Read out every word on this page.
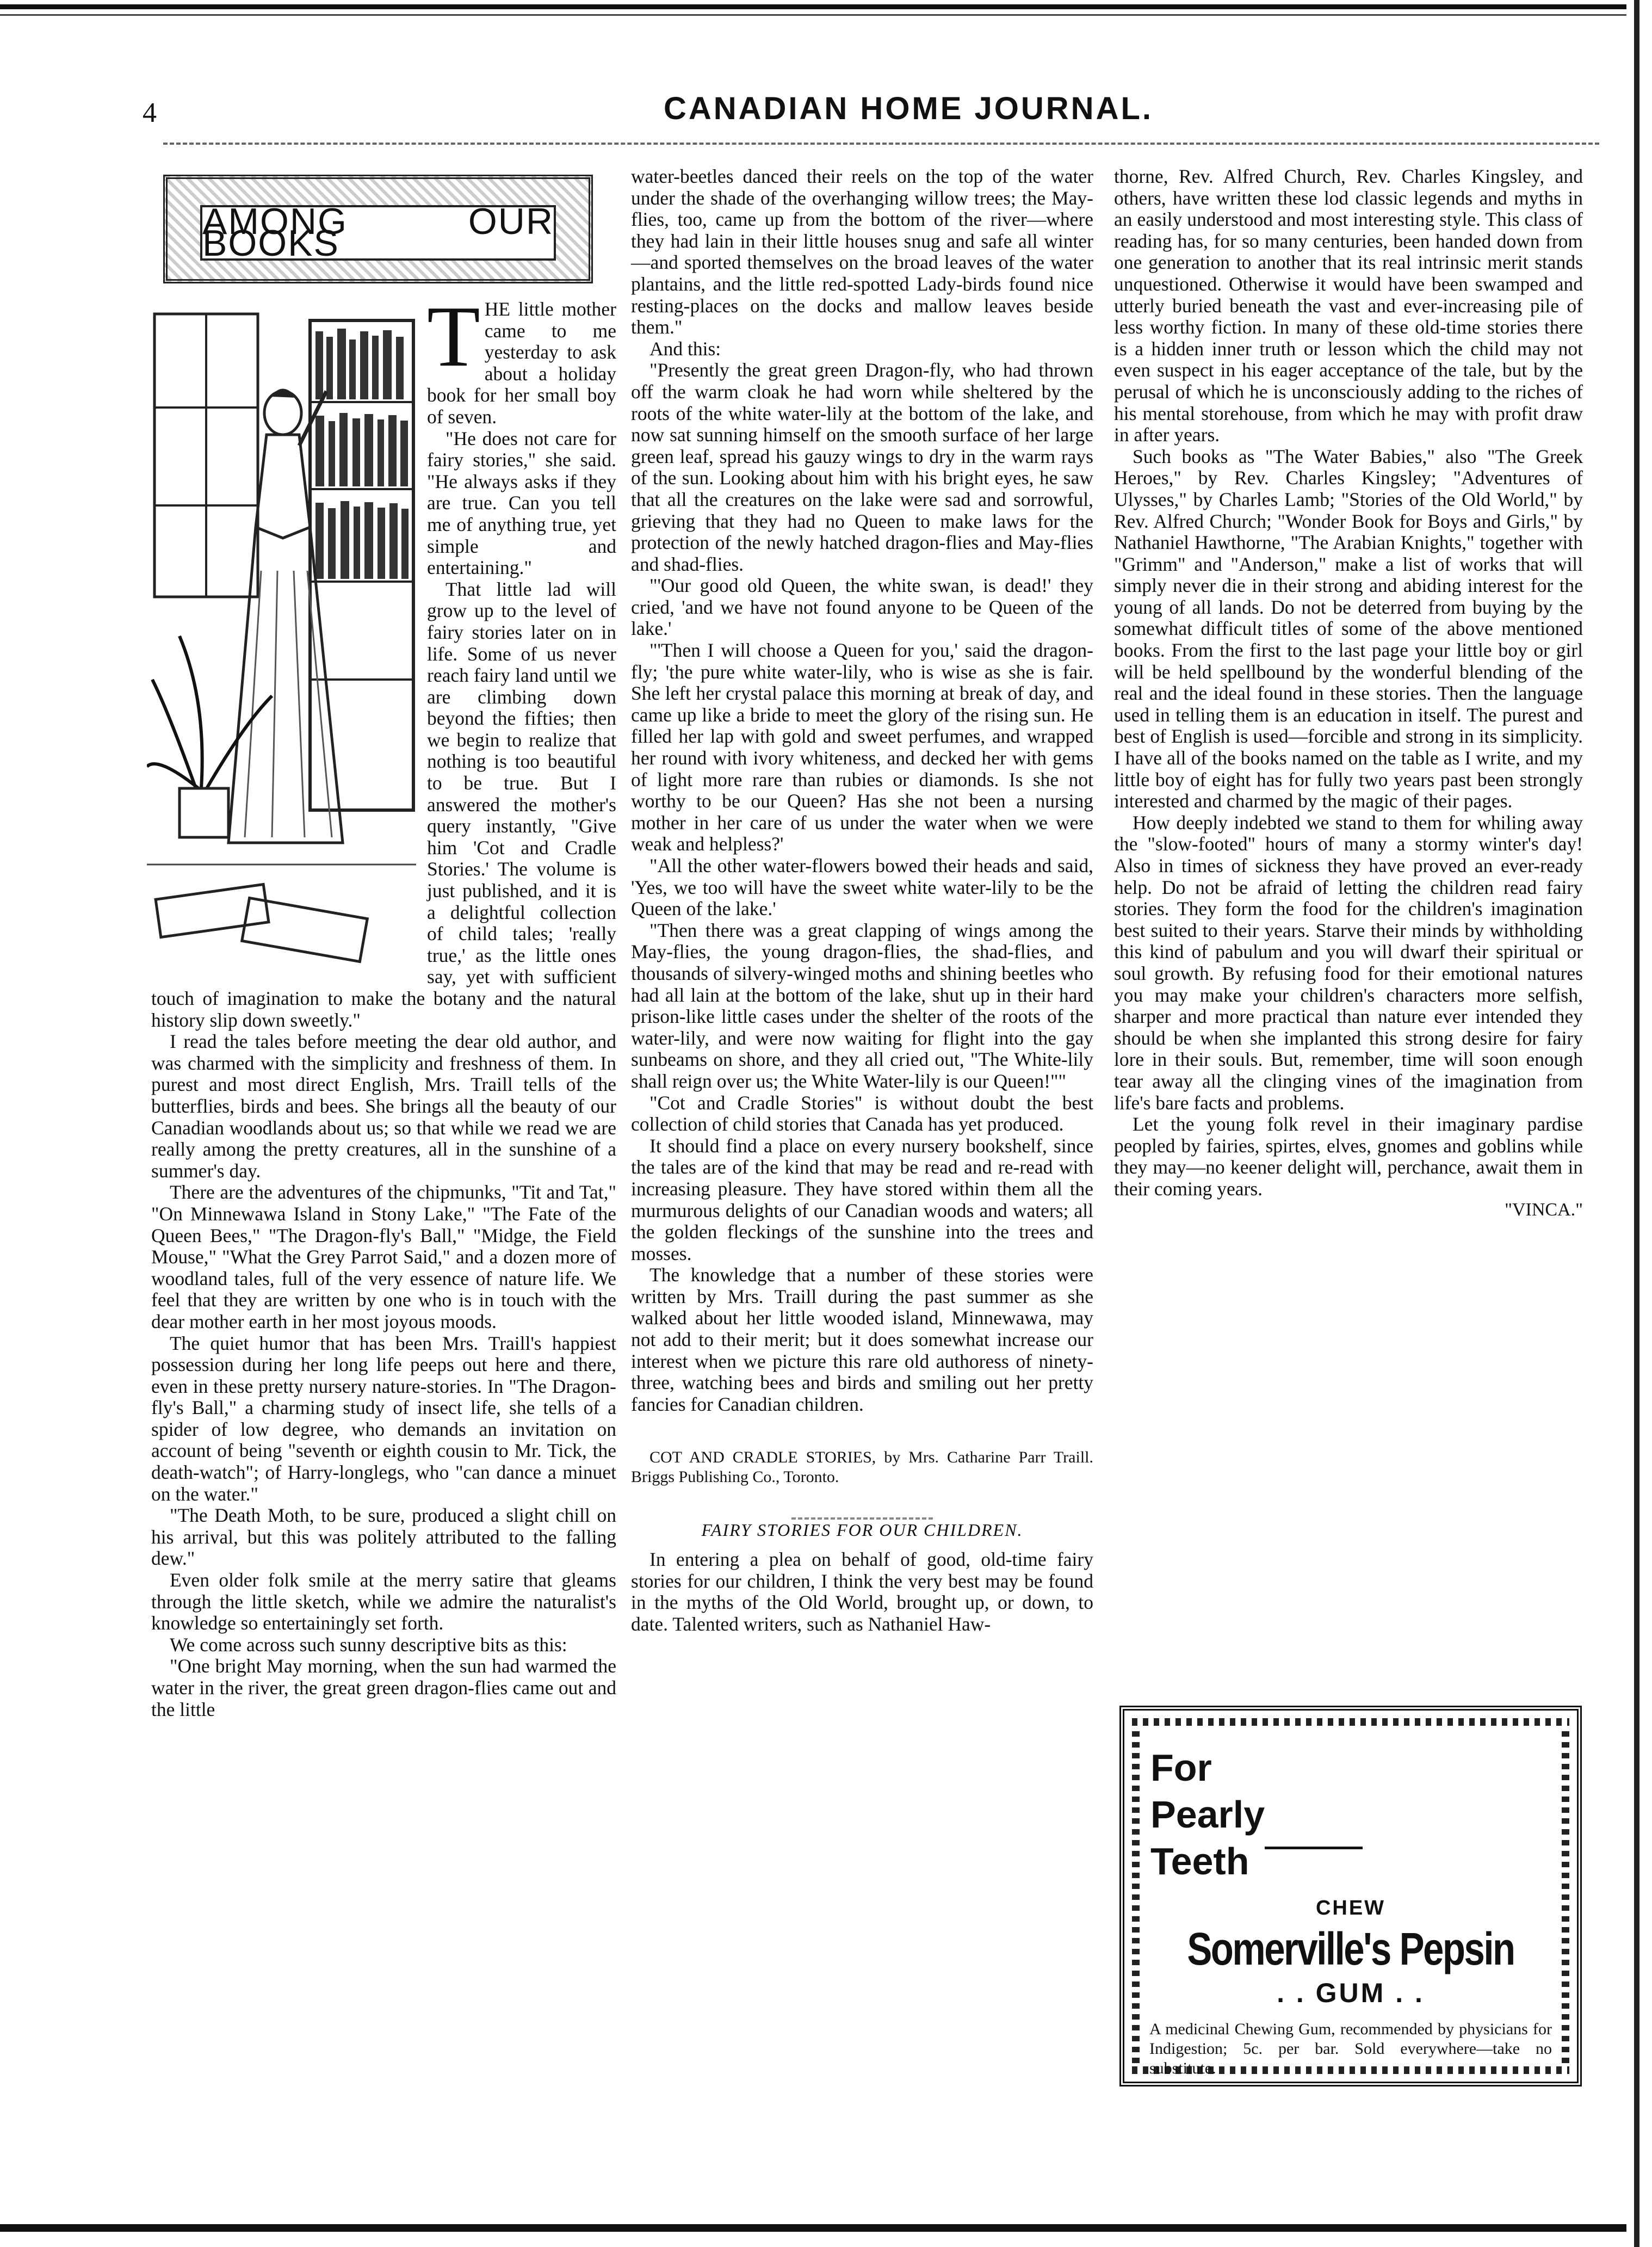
4	CANADIAN HOME JOURNAL.
AMONG OUR BOOKS
T HE little mother came to me yesterday to ask about a holiday book for her small boy of seven.

"He does not care for fairy stories," she said. "He always asks if they are true. Can you tell me of anything true, yet simple and entertaining."

That little lad will grow up to the level of fairy stories later on in life. Some of us never reach fairy land until we are climbing down beyond the fifties; then we begin to realize that nothing is too beautiful to be true. But I answered the mother's query instantly, "Give him 'Cot and Cradle Stories.' The volume is just published, and it is a delightful collection of child tales; 'really true,' as the little ones say, yet with sufficient touch of imagination to make the botany and the natural history slip down sweetly."

I read the tales before meeting the dear old author, and was charmed with the simplicity and freshness of them. In purest and most direct English, Mrs. Traill tells of the butterflies, birds and bees. She brings all the beauty of our Canadian woodlands about us; so that while we read we are really among the pretty creatures, all in the sunshine of a summer's day.

There are the adventures of the chipmunks, "Tit and Tat," "On Minnewawa Island in Stony Lake," "The Fate of the Queen Bees," "The Dragon-fly's Ball," "Midge, the Field Mouse," "What the Grey Parrot Said," and a dozen more of woodland tales, full of the very essence of nature life. We feel that they are written by one who is in touch with the dear mother earth in her most joyous moods.

The quiet humor that has been Mrs. Traill's happiest possession during her long life peeps out here and there, even in these pretty nursery nature-stories. In "The Dragon-fly's Ball," a charming study of insect life, she tells of a spider of low degree, who demands an invitation on account of being "seventh or eighth cousin to Mr. Tick, the death-watch"; of Harry-longlegs, who "can dance a minuet on the water."

"The Death Moth, to be sure, produced a slight chill on his arrival, but this was politely attributed to the falling dew."

Even older folk smile at the merry satire that gleams through the little sketch, while we admire the naturalist's knowledge so entertainingly set forth.

We come across such sunny descriptive bits as this:

"One bright May morning, when the sun had warmed the water in the river, the great green dragon-flies came out and the little

water-beetles danced their reels on the top of the water under the shade of the overhanging willow trees; the May-flies, too, came up from the bottom of the river—where they had lain in their little houses snug and safe all winter—and sported themselves on the broad leaves of the water plantains, and the little red-spotted Lady-birds found nice resting-places on the docks and mallow leaves beside them."

And this:

"Presently the great green Dragon-fly, who had thrown off the warm cloak he had worn while sheltered by the roots of the white water-lily at the bottom of the lake, and now sat sunning himself on the smooth surface of her large green leaf, spread his gauzy wings to dry in the warm rays of the sun. Looking about him with his bright eyes, he saw that all the creatures on the lake were sad and sorrowful, grieving that they had no Queen to make laws for the protection of the newly hatched dragon-flies and May-flies and shad-flies.

"'Our good old Queen, the white swan, is dead!' they cried, 'and we have not found anyone to be Queen of the lake.'

"'Then I will choose a Queen for you,' said the dragon-fly; 'the pure white water-lily, who is wise as she is fair. She left her crystal palace this morning at break of day, and came up like a bride to meet the glory of the rising sun. He filled her lap with gold and sweet perfumes, and wrapped her round with ivory whiteness, and decked her with gems of light more rare than rubies or diamonds. Is she not worthy to be our Queen? Has she not been a nursing mother in her care of us under the water when we were weak and helpless?'

"All the other water-flowers bowed their heads and said, 'Yes, we too will have the sweet white water-lily to be the Queen of the lake.'

"Then there was a great clapping of wings among the May-flies, the young dragon-flies, the shad-flies, and thousands of silvery-winged moths and shining beetles who had all lain at the bottom of the lake, shut up in their hard prison-like little cases under the shelter of the roots of the water-lily, and were now waiting for flight into the gay sunbeams on shore, and they all cried out, "The White-lily shall reign over us; the White Water-lily is our Queen!""

"Cot and Cradle Stories" is without doubt the best collection of child stories that Canada has yet produced.

It should find a place on every nursery bookshelf, since the tales are of the kind that may be read and re-read with increasing pleasure. They have stored within them all the murmurous delights of our Canadian woods and waters; all the golden fleckings of the sunshine into the trees and mosses.

The knowledge that a number of these stories were written by Mrs. Traill during the past summer as she walked about her little wooded island, Minnewawa, may not add to their merit; but it does somewhat increase our interest when we picture this rare old authoress of ninety-three, watching bees and birds and smiling out her pretty fancies for Canadian children.

COT AND CRADLE STORIES, by Mrs. Catharine Parr Traill. Briggs Publishing Co., Toronto.

FAIRY STORIES FOR OUR CHILDREN.

In entering a plea on behalf of good, old-time fairy stories for our children, I think the very best may be found in the myths of the Old World, brought up, or down, to date. Talented writers, such as Nathaniel Haw-

thorne, Rev. Alfred Church, Rev. Charles Kingsley, and others, have written these lod classic legends and myths in an easily understood and most interesting style. This class of reading has, for so many centuries, been handed down from one generation to another that its real intrinsic merit stands unquestioned. Otherwise it would have been swamped and utterly buried beneath the vast and ever-increasing pile of less worthy fiction. In many of these old-time stories there is a hidden inner truth or lesson which the child may not even suspect in his eager acceptance of the tale, but by the perusal of which he is unconsciously adding to the riches of his mental storehouse, from which he may with profit draw in after years.

Such books as "The Water Babies," also "The Greek Heroes," by Rev. Charles Kingsley; "Adventures of Ulysses," by Charles Lamb; "Stories of the Old World," by Rev. Alfred Church; "Wonder Book for Boys and Girls," by Nathaniel Hawthorne, "The Arabian Knights," together with "Grimm" and "Anderson," make a list of works that will simply never die in their strong and abiding interest for the young of all lands. Do not be deterred from buying by the somewhat difficult titles of some of the above mentioned books. From the first to the last page your little boy or girl will be held spellbound by the wonderful blending of the real and the ideal found in these stories. Then the language used in telling them is an education in itself. The purest and best of English is used—forcible and strong in its simplicity. I have all of the books named on the table as I write, and my little boy of eight has for fully two years past been strongly interested and charmed by the magic of their pages.

How deeply indebted we stand to them for whiling away the "slow-footed" hours of many a stormy winter's day! Also in times of sickness they have proved an ever-ready help. Do not be afraid of letting the children read fairy stories. They form the food for the children's imagination best suited to their years. Starve their minds by withholding this kind of pabulum and you will dwarf their spiritual or soul growth. By refusing food for their emotional natures you may make your children's characters more selfish, sharper and more practical than nature ever intended they should be when she implanted this strong desire for fairy lore in their souls. But, remember, time will soon enough tear away all the clinging vines of the imagination from life's bare facts and problems.

Let the young folk revel in their imaginary pardise peopled by fairies, spirtes, elves, gnomes and goblins while they may—no keener delight will, perchance, await them in their coming years.

"VINCA."

For
Pearly
Teeth
CHEW
Somerville's Pepsin
. . GUM . .
A medicinal Chewing Gum, recommended by physicians for Indigestion; 5c. per bar. Sold everywhere—take no substitute.
